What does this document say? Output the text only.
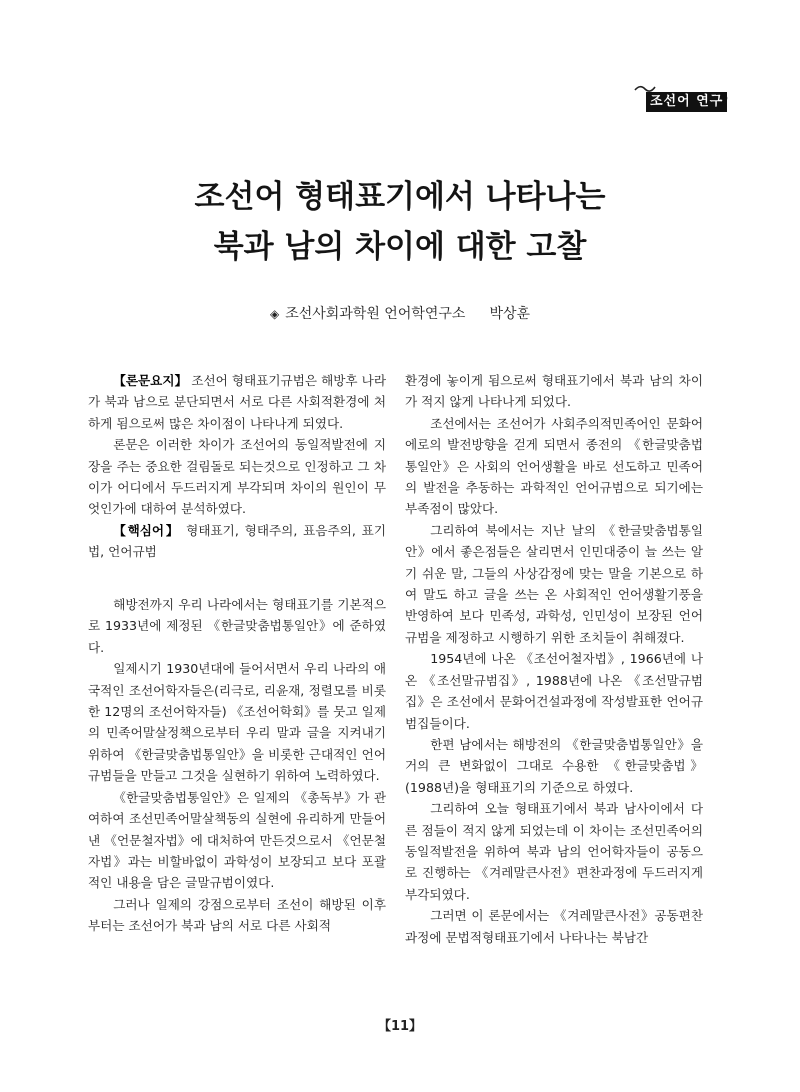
조선어 연구
조선어 형태표기에서 나타나는
북과 남의 차이에 대한 고찰
◈ 조선사회과학원 언어학연구소 박상훈

【론문요지】 조선어 형태표기규범은 해방후 나라가 북과 남으로 분단되면서 서로 다른 사회적환경에 처하게 됨으로써 많은 차이점이 나타나게 되였다.

론문은 이러한 차이가 조선어의 동일적발전에 지장을 주는 중요한 걸림돌로 되는것으로 인정하고 그 차이가 어디에서 두드러지게 부각되며 차이의 원인이 무엇인가에 대하여 분석하였다.

【핵심어】 형태표기, 형태주의, 표음주의, 표기법, 언어규범

해방전까지 우리 나라에서는 형태표기를 기본적으로 1933년에 제정된 《한글맞춤법통일안》에 준하였다.

일제시기 1930년대에 들어서면서 우리 나라의 애국적인 조선어학자들은(리극로, 리윤재, 정렬모를 비롯한 12명의 조선어학자들) 《조선어학회》를 뭇고 일제의 민족어말살정책으로부터 우리 말과 글을 지켜내기 위하여 《한글맞춤법통일안》을 비롯한 근대적인 언어규범들을 만들고 그것을 실현하기 위하여 노력하였다.

《한글맞춤법통일안》은 일제의 《총독부》가 관여하여 조선민족어말살책동의 실현에 유리하게 만들어낸 《언문철자법》에 대처하여 만든것으로서 《언문철자법》과는 비할바없이 과학성이 보장되고 보다 포괄적인 내용을 담은 글말규범이였다.

그러나 일제의 강점으로부터 조선이 해방된 이후부터는 조선어가 북과 남의 서로 다른 사회적

환경에 놓이게 됨으로써 형태표기에서 북과 남의 차이가 적지 않게 나타나게 되었다.

조선에서는 조선어가 사회주의적민족어인 문화어에로의 발전방향을 걷게 되면서 종전의 《한글맞춤법통일안》은 사회의 언어생활을 바로 선도하고 민족어의 발전을 추동하는 과학적인 언어규범으로 되기에는 부족점이 많았다.

그리하여 북에서는 지난 날의 《한글맞춤법통일안》에서 좋은점들은 살리면서 인민대중이 늘 쓰는 알기 쉬운 말, 그들의 사상감정에 맞는 말을 기본으로 하여 말도 하고 글을 쓰는 온 사회적인 언어생활기풍을 반영하여 보다 민족성, 과학성, 인민성이 보장된 언어규범을 제정하고 시행하기 위한 조치들이 취해졌다.

1954년에 나온 《조선어철자법》, 1966년에 나온 《조선말규범집》, 1988년에 나온 《조선말규범집》은 조선에서 문화어건설과정에 작성발표한 언어규범집들이다.

한편 남에서는 해방전의 《한글맞춤법통일안》을 거의 큰 변화없이 그대로 수용한 《한글맞춤법》(1988년)을 형태표기의 기준으로 하였다.

그리하여 오늘 형태표기에서 북과 남사이에서 다른 점들이 적지 않게 되었는데 이 차이는 조선민족어의 동일적발전을 위하여 북과 남의 언어학자들이 공동으로 진행하는 《겨레말큰사전》편찬과정에 두드러지게 부각되였다.

그러면 이 론문에서는 《겨레말큰사전》공동편찬과정에 문법적형태표기에서 나타나는 북남간

【11】
